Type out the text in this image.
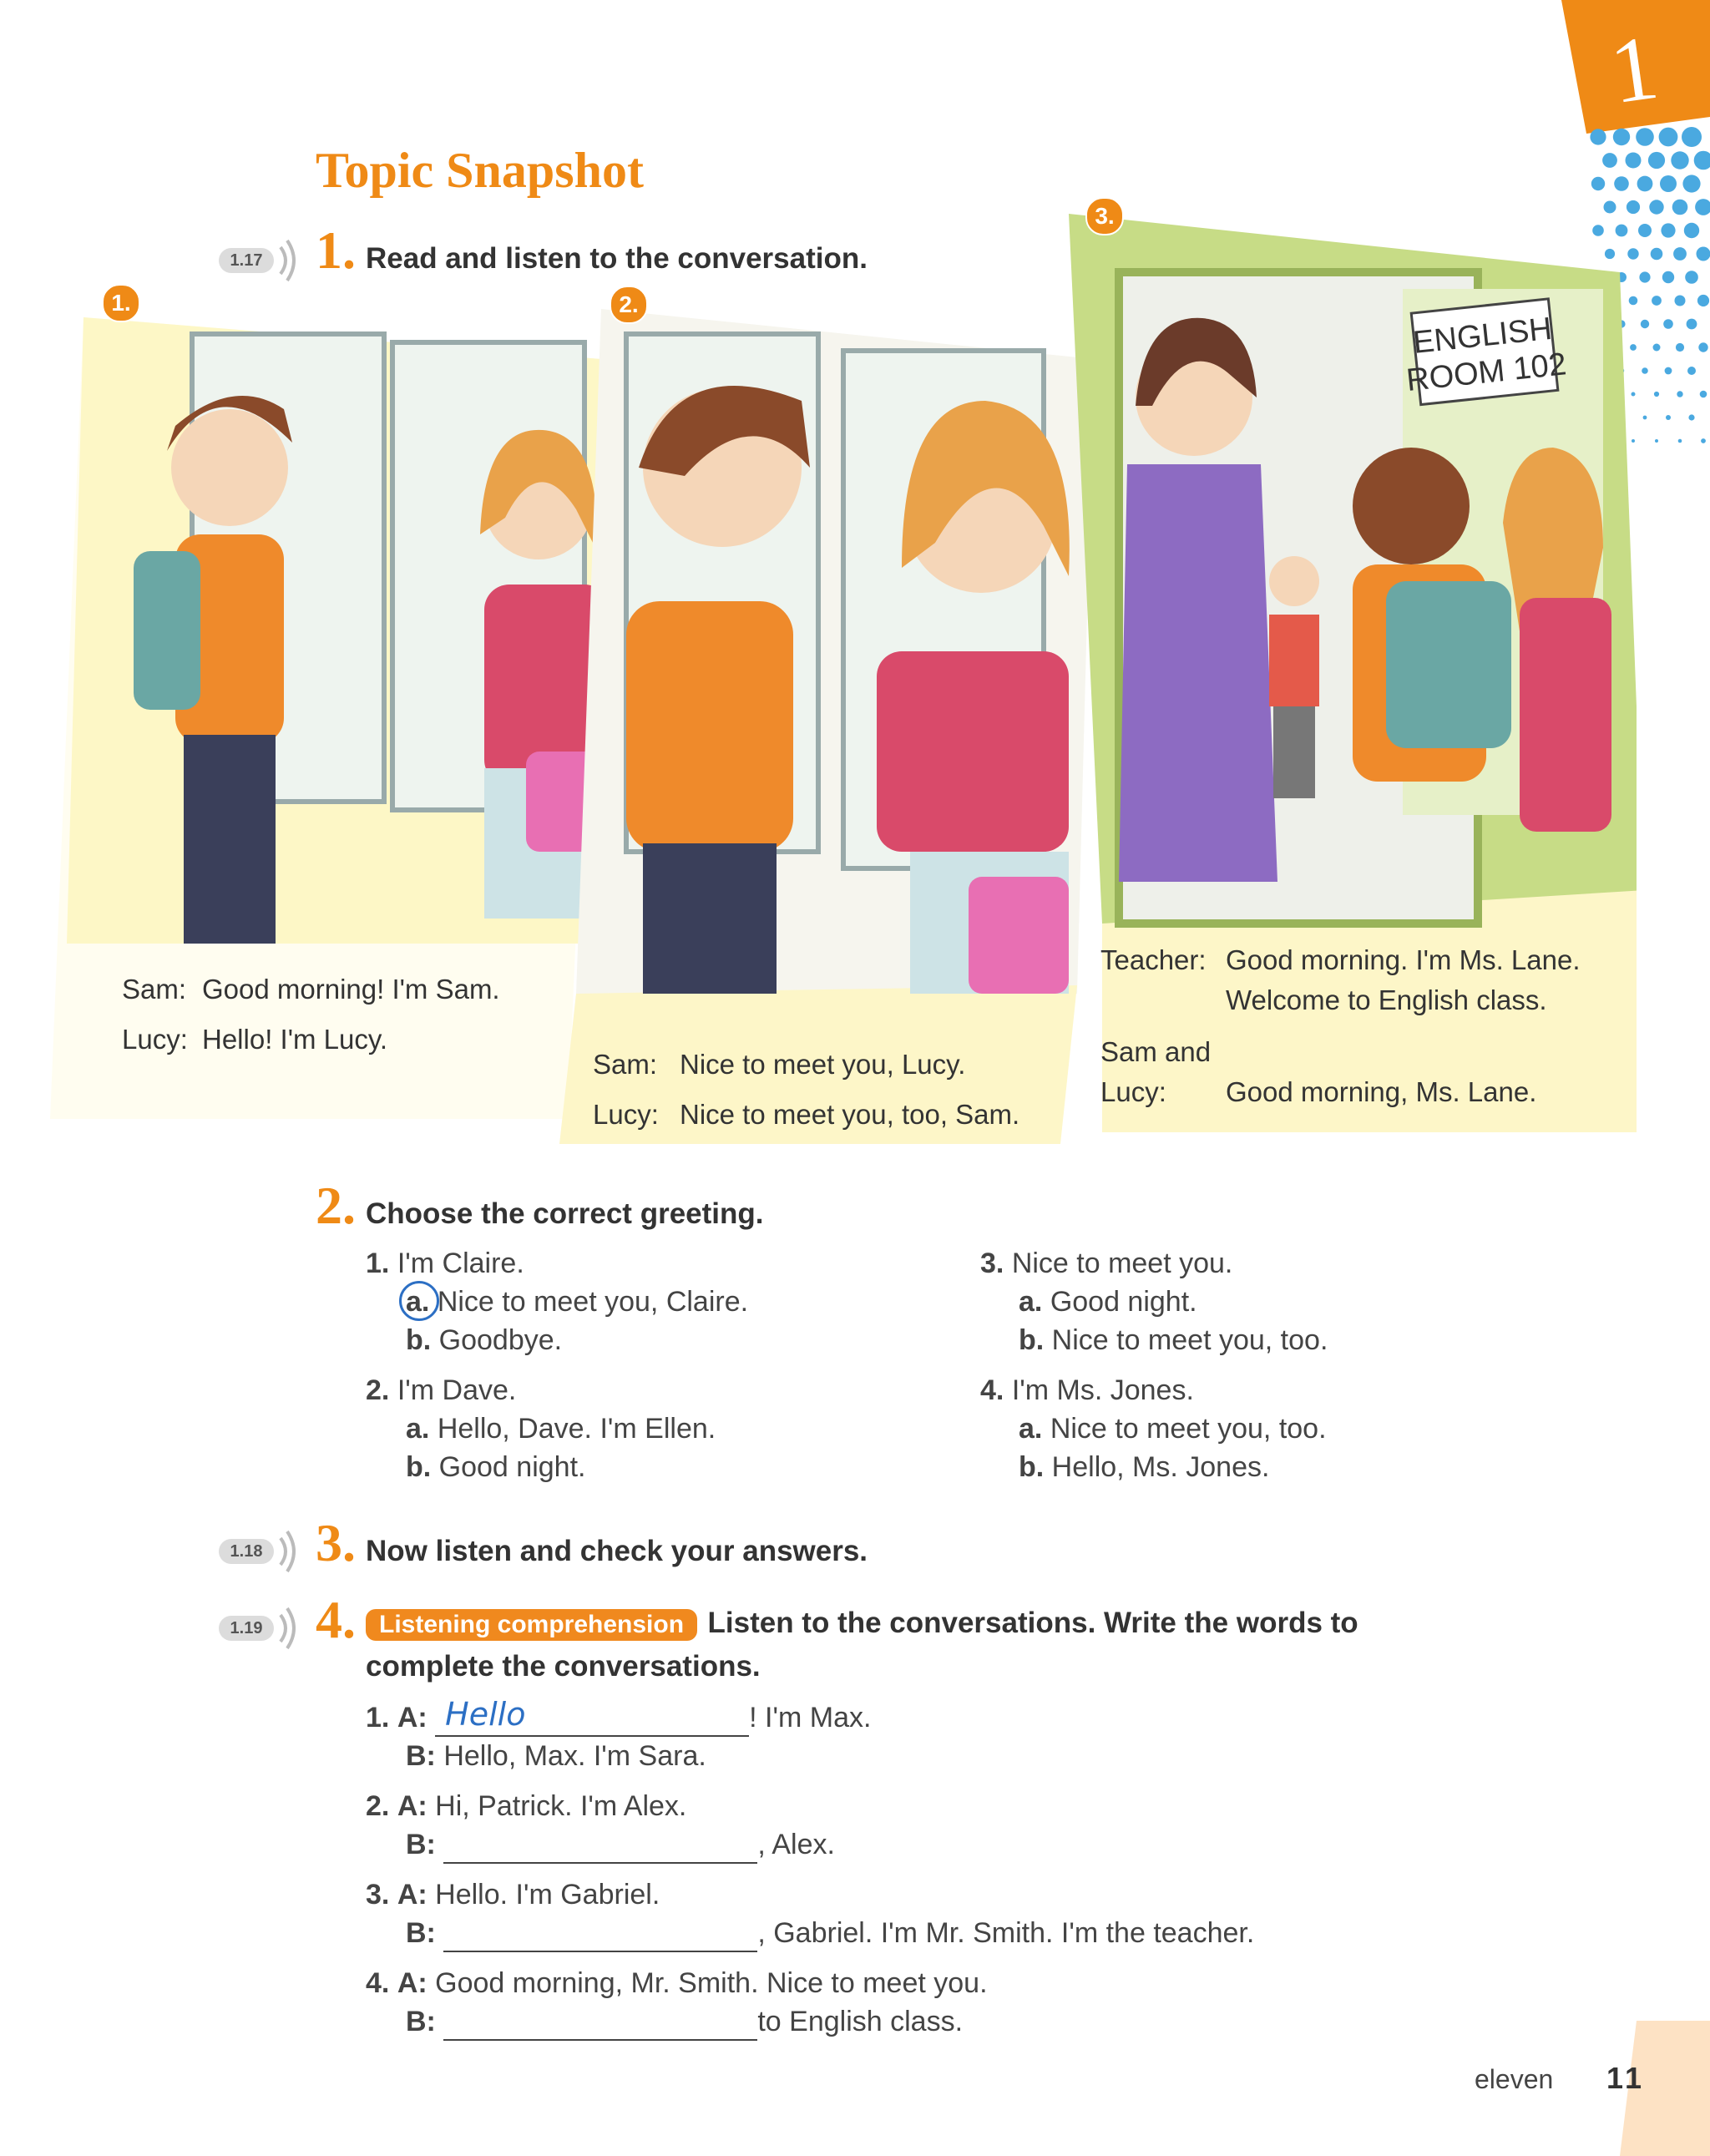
1
Topic Snapshot
1.17 1. Read and listen to the conversation.
1.
Sam: Good morning! I'm Sam.
Lucy: Hello! I'm Lucy.
2.
Sam: Nice to meet you, Lucy.
Lucy: Nice to meet you, too, Sam.
ENGLISH
ROOM 102
3.
Teacher: Good morning. I'm Ms. Lane.
Welcome to English class.
Sam and
Lucy: Good morning, Ms. Lane.
2. Choose the correct greeting.
1. I'm Claire.
a. Nice to meet you, Claire.
b. Goodbye.
2. I'm Dave.
a. Hello, Dave. I'm Ellen.
b. Good night.
3. Nice to meet you.
a. Good night.
b. Nice to meet you, too.
4. I'm Ms. Jones.
a. Nice to meet you, too.
b. Hello, Ms. Jones.
1.18 3. Now listen and check your answers.
1.19 4. Listening comprehension Listen to the conversations. Write the words to
complete the conversations.
1. A: Hello	! I'm Max.
B: Hello, Max. I'm Sara.
2. A: Hi, Patrick. I'm Alex.
B:	, Alex.
3. A: Hello. I'm Gabriel.
B:	, Gabriel. I'm Mr. Smith. I'm the teacher.
4. A: Good morning, Mr. Smith. Nice to meet you.
B:	to English class.
eleven 11
